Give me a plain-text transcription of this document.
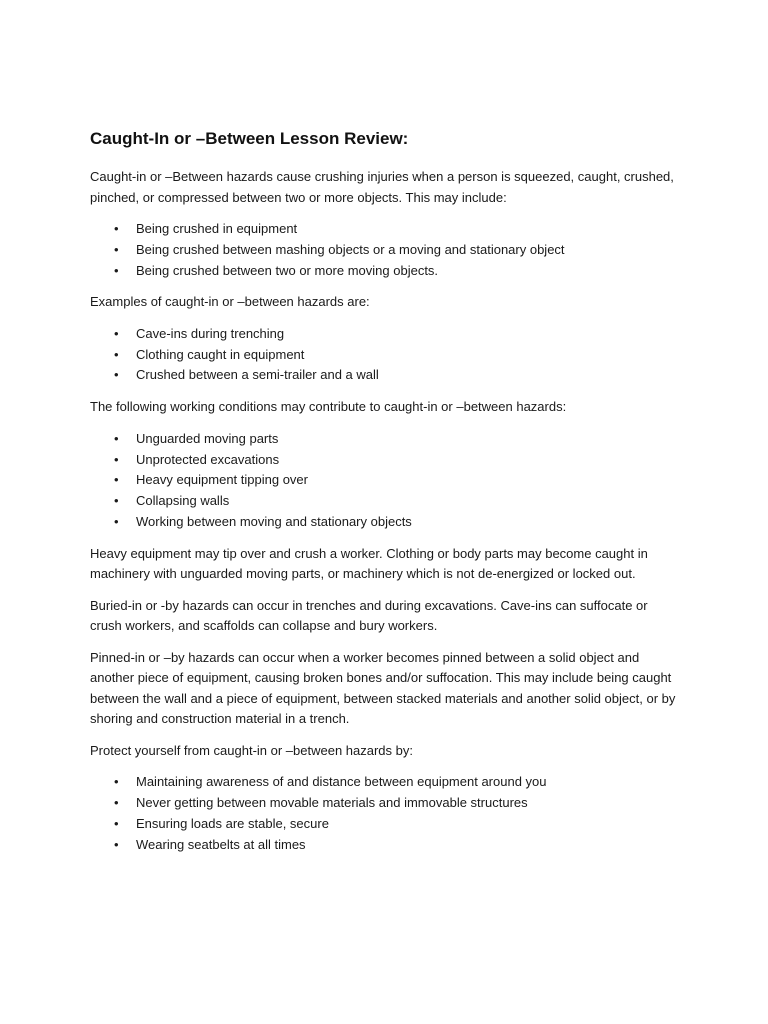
Caught-In or –Between Lesson Review:

Caught-in or –Between hazards cause crushing injuries when a person is squeezed, caught, crushed, pinched, or compressed between two or more objects. This may include:

• Being crushed in equipment
• Being crushed between mashing objects or a moving and stationary object
• Being crushed between two or more moving objects.

Examples of caught-in or –between hazards are:

• Cave-ins during trenching
• Clothing caught in equipment
• Crushed between a semi-trailer and a wall

The following working conditions may contribute to caught-in or –between hazards:

• Unguarded moving parts
• Unprotected excavations
• Heavy equipment tipping over
• Collapsing walls
• Working between moving and stationary objects

Heavy equipment may tip over and crush a worker. Clothing or body parts may become caught in machinery with unguarded moving parts, or machinery which is not de-energized or locked out.

Buried-in or -by hazards can occur in trenches and during excavations. Cave-ins can suffocate or crush workers, and scaffolds can collapse and bury workers.

Pinned-in or –by hazards can occur when a worker becomes pinned between a solid object and another piece of equipment, causing broken bones and/or suffocation. This may include being caught between the wall and a piece of equipment, between stacked materials and another solid object, or by shoring and construction material in a trench.

Protect yourself from caught-in or –between hazards by:

• Maintaining awareness of and distance between equipment around you
• Never getting between movable materials and immovable structures
• Ensuring loads are stable, secure
• Wearing seatbelts at all times
